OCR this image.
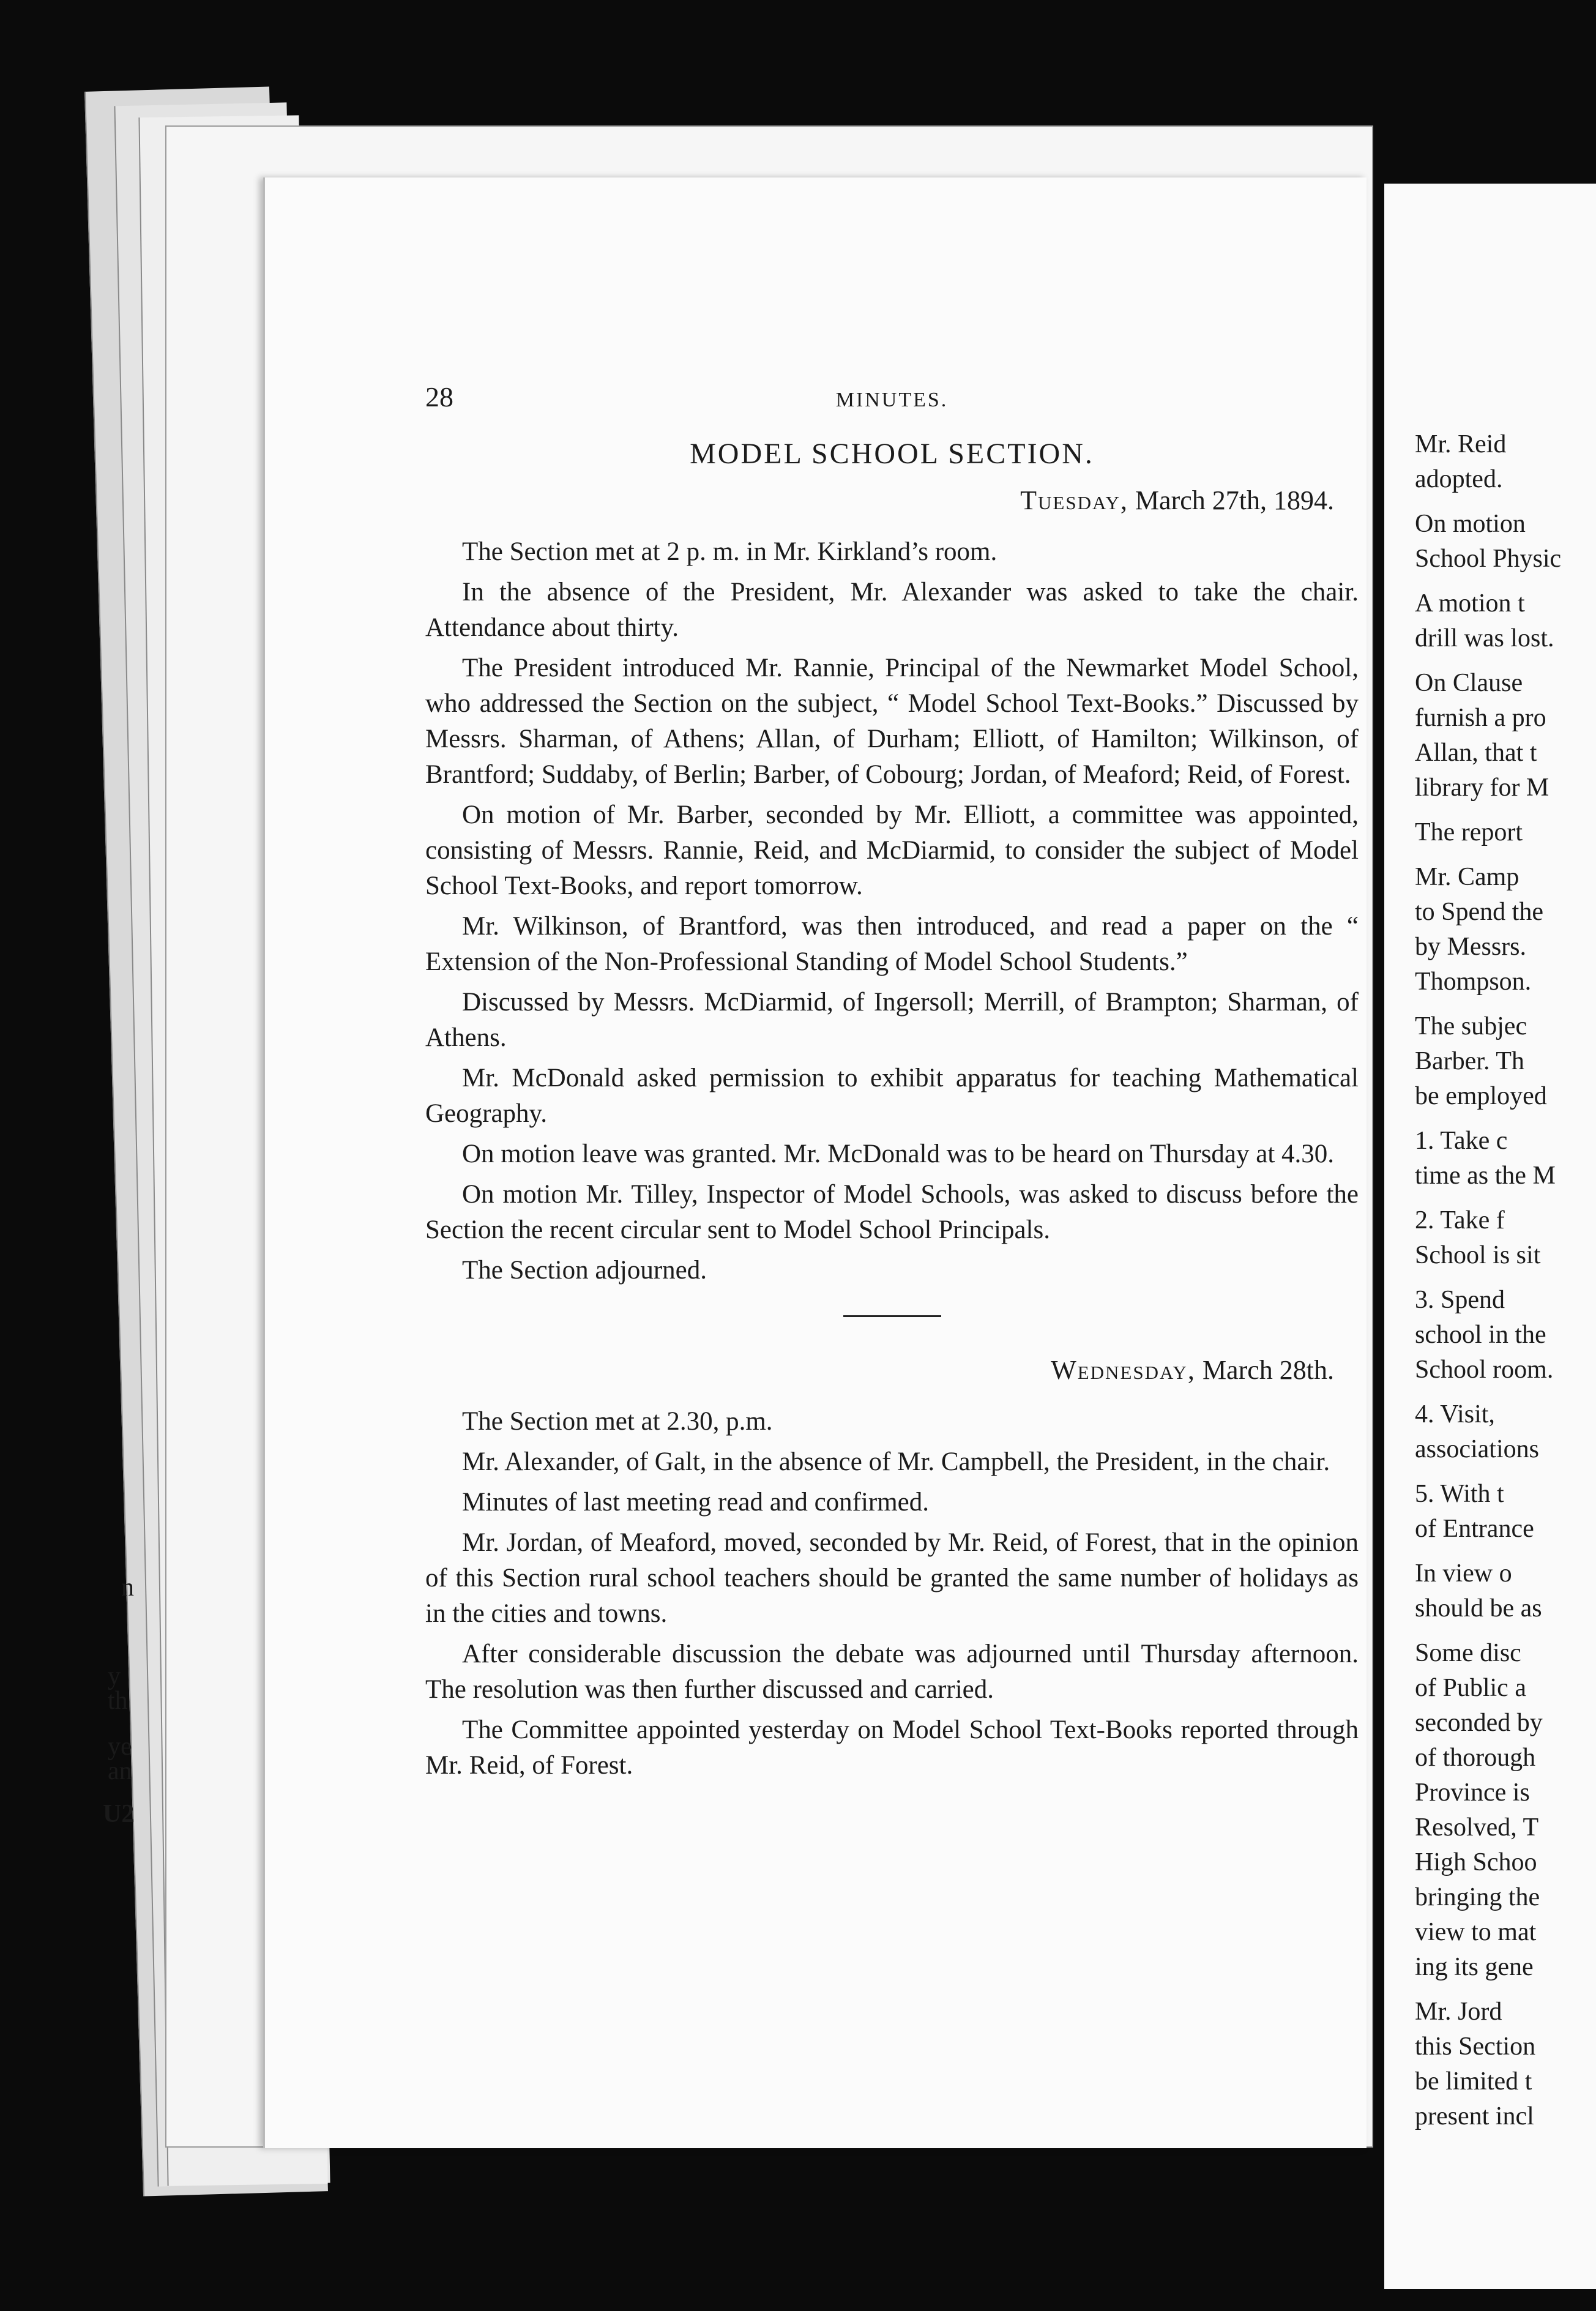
n
y
th
ye
an
U2
28	MINUTES.
MODEL SCHOOL SECTION.
Tuesday, March 27th, 1894.

The Section met at 2 p. m. in Mr. Kirkland’s room.

In the absence of the President, Mr. Alexander was asked to take the chair. Attendance about thirty.

The President introduced Mr. Rannie, Principal of the Newmarket Model School, who addressed the Section on the subject, “ Model School Text-Books.” Discussed by Messrs. Sharman, of Athens; Allan, of Durham; Elliott, of Hamilton; Wilkinson, of Brantford; Suddaby, of Berlin; Barber, of Cobourg; Jordan, of Meaford; Reid, of Forest.

On motion of Mr. Barber, seconded by Mr. Elliott, a committee was appointed, consisting of Messrs. Rannie, Reid, and McDiarmid, to consider the subject of Model School Text-Books, and report tomorrow.

Mr. Wilkinson, of Brantford, was then introduced, and read a paper on the “ Extension of the Non-Professional Standing of Model School Students.”

Discussed by Messrs. McDiarmid, of Ingersoll; Merrill, of Brampton; Sharman, of Athens.

Mr. McDonald asked permission to exhibit apparatus for teaching Mathematical Geography.

On motion leave was granted. Mr. McDonald was to be heard on Thursday at 4.30.

On motion Mr. Tilley, Inspector of Model Schools, was asked to discuss before the Section the recent circular sent to Model School Principals.

The Section adjourned.

Wednesday, March 28th.

The Section met at 2.30, p.m.

Mr. Alexander, of Galt, in the absence of Mr. Campbell, the President, in the chair.

Minutes of last meeting read and confirmed.

Mr. Jordan, of Meaford, moved, seconded by Mr. Reid, of Forest, that in the opinion of this Section rural school teachers should be granted the same number of holidays as in the cities and towns.

After considerable discussion the debate was adjourned until Thursday afternoon. The resolution was then further discussed and carried.

The Committee appointed yesterday on Model School Text-Books reported through Mr. Reid, of Forest.

Mr. Reid
adopted.
On motion
School Physic
A motion t
drill was lost.
On Clause
furnish a pro
Allan, that t
library for M
The report
Mr. Camp
to Spend the
by Messrs.
Thompson.
The subjec
Barber. Th
be employed
1. Take c
time as the M
2. Take f
School is sit
3. Spend
school in the
School room.
4. Visit,
associations
5. With t
of Entrance
In view o
should be as
Some disc
of Public a
seconded by
of thorough
Province is
Resolved, T
High Schoo
bringing the
view to mat
ing its gene
Mr. Jord
this Section
be limited t
present incl
